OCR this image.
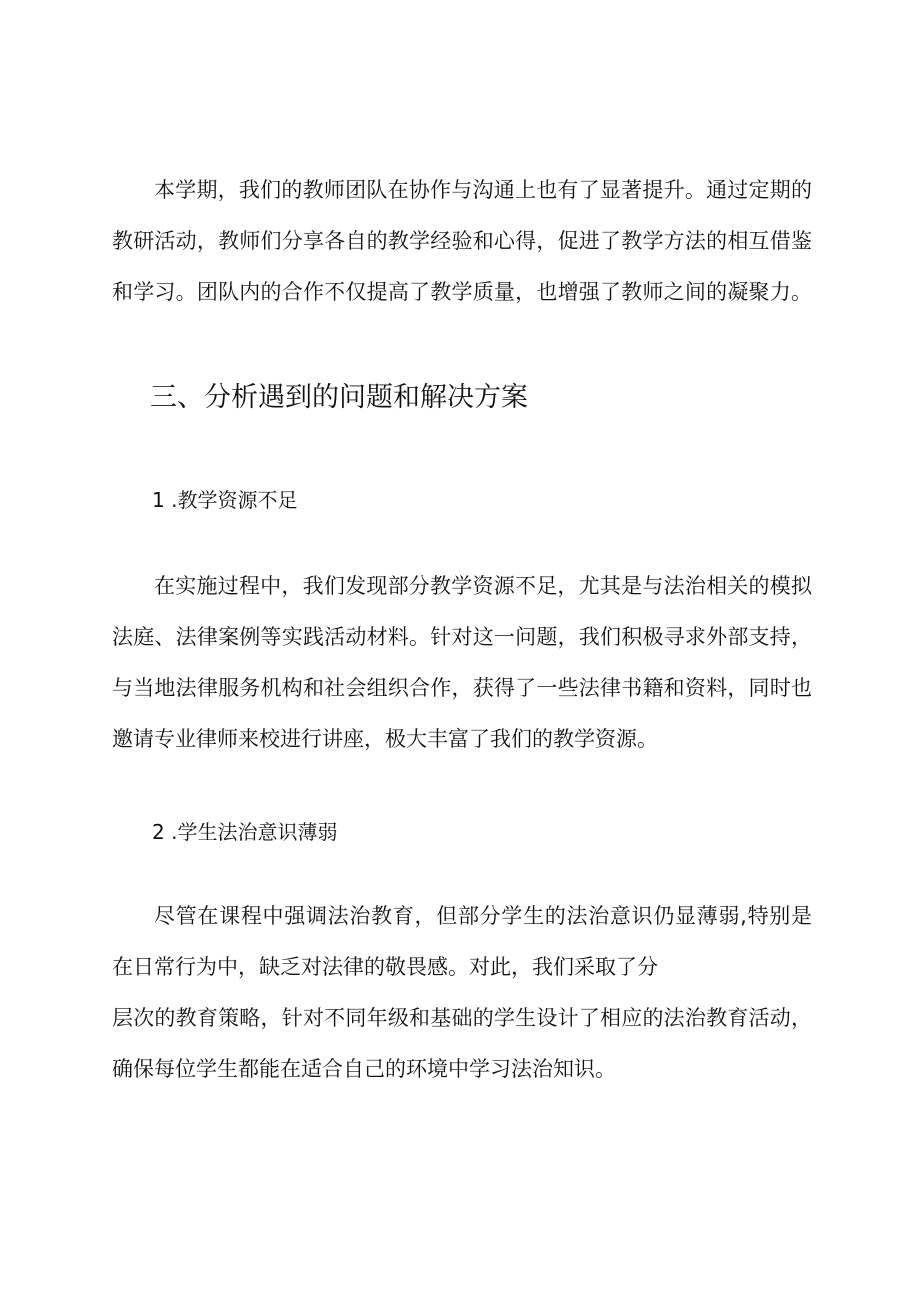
本学期，我们的教师团队在协作与沟通上也有了显著提升。通过定期的
教研活动，教师们分享各自的教学经验和心得，促进了教学方法的相互借鉴
和学习。团队内的合作不仅提高了教学质量，也增强了教师之间的凝聚力。
三、分析遇到的问题和解决方案
1 .教学资源不足
在实施过程中，我们发现部分教学资源不足，尤其是与法治相关的模拟
法庭、法律案例等实践活动材料。针对这一问题，我们积极寻求外部支持，
与当地法律服务机构和社会组织合作，获得了一些法律书籍和资料，同时也
邀请专业律师来校进行讲座，极大丰富了我们的教学资源。
2 .学生法治意识薄弱
尽管在课程中强调法治教育，但部分学生的法治意识仍显薄弱,特别是
在日常行为中，缺乏对法律的敬畏感。对此，我们采取了分
层次的教育策略，针对不同年级和基础的学生设计了相应的法治教育活动，
确保每位学生都能在适合自己的环境中学习法治知识。
